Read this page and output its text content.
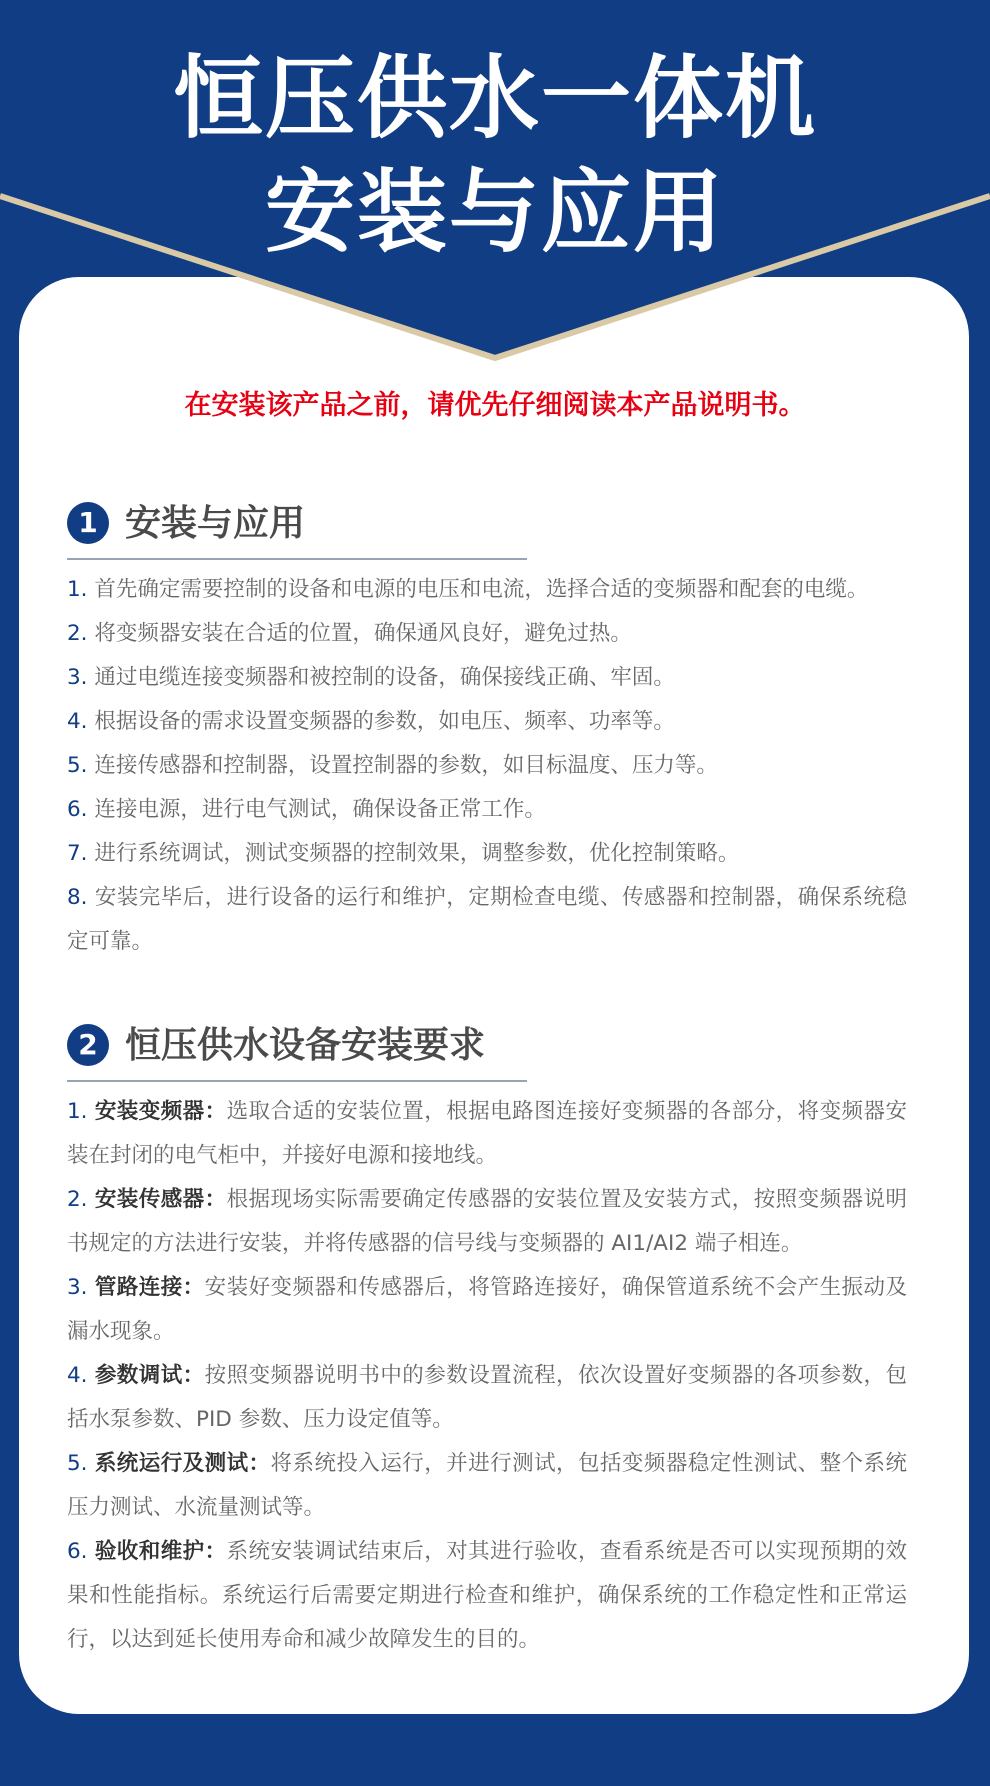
恒压供水一体机
安装与应用
在安装该产品之前，请优先仔细阅读本产品说明书。
1 安装与应用
1. 首先确定需要控制的设备和电源的电压和电流，选择合适的变频器和配套的电缆。
2. 将变频器安装在合适的位置，确保通风良好，避免过热。
3. 通过电缆连接变频器和被控制的设备，确保接线正确、牢固。
4. 根据设备的需求设置变频器的参数，如电压、频率、功率等。
5. 连接传感器和控制器，设置控制器的参数，如目标温度、压力等。
6. 连接电源，进行电气测试，确保设备正常工作。
7. 进行系统调试，测试变频器的控制效果，调整参数，优化控制策略。
8. 安装完毕后，进行设备的运行和维护，定期检查电缆、传感器和控制器，确保系统稳定可靠。
2 恒压供水设备安装要求
1. 安装变频器：选取合适的安装位置，根据电路图连接好变频器的各部分，将变频器安装在封闭的电气柜中，并接好电源和接地线。
2. 安装传感器：根据现场实际需要确定传感器的安装位置及安装方式，按照变频器说明书规定的方法进行安装，并将传感器的信号线与变频器的 AI1/AI2 端子相连。
3. 管路连接：安装好变频器和传感器后，将管路连接好，确保管道系统不会产生振动及漏水现象。
4. 参数调试：按照变频器说明书中的参数设置流程，依次设置好变频器的各项参数，包括水泵参数、PID 参数、压力设定值等。
5. 系统运行及测试：将系统投入运行，并进行测试，包括变频器稳定性测试、整个系统压力测试、水流量测试等。
6. 验收和维护：系统安装调试结束后，对其进行验收，查看系统是否可以实现预期的效果和性能指标。系统运行后需要定期进行检查和维护，确保系统的工作稳定性和正常运行，以达到延长使用寿命和减少故障发生的目的。
